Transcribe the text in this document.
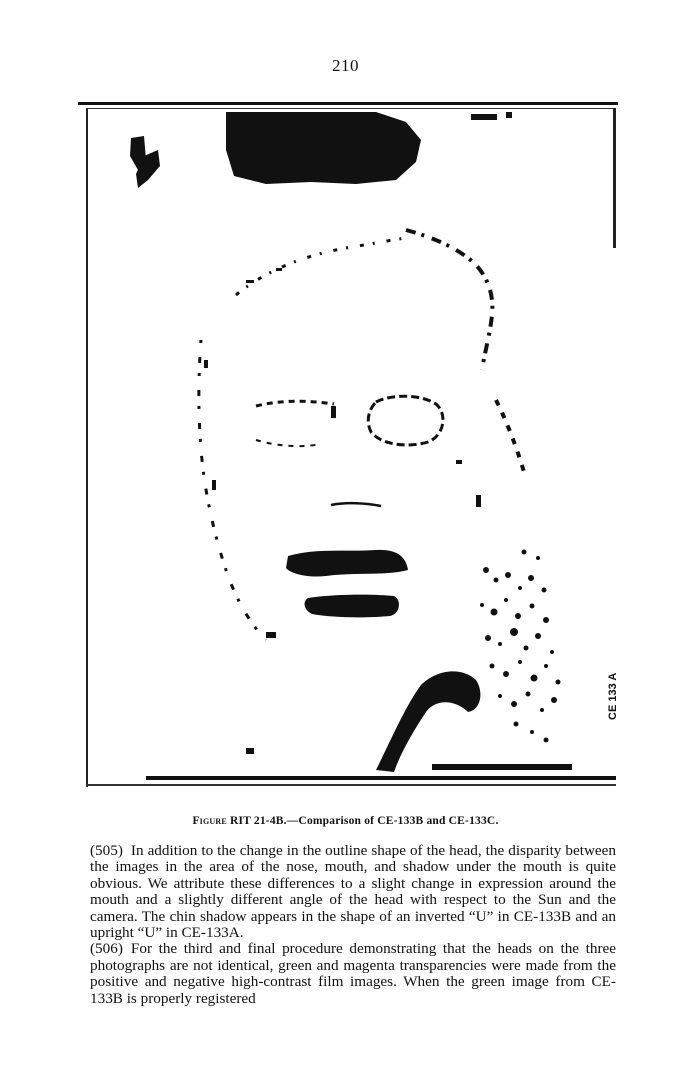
210
CE 133 A
Figure RIT 21-4B.—Comparison of CE-133B and CE-133C.

(505) In addition to the change in the outline shape of the head, the disparity between the images in the area of the nose, mouth, and shadow under the mouth is quite obvious. We attribute these differences to a slight change in expression around the mouth and a slightly different angle of the head with respect to the Sun and the camera. The chin shadow appears in the shape of an inverted “U” in CE-133B and an upright “U” in CE-133A.

(506) For the third and final procedure demonstrating that the heads on the three photographs are not identical, green and magenta transparencies were made from the positive and negative high-contrast film images. When the green image from CE-133B is properly registered
